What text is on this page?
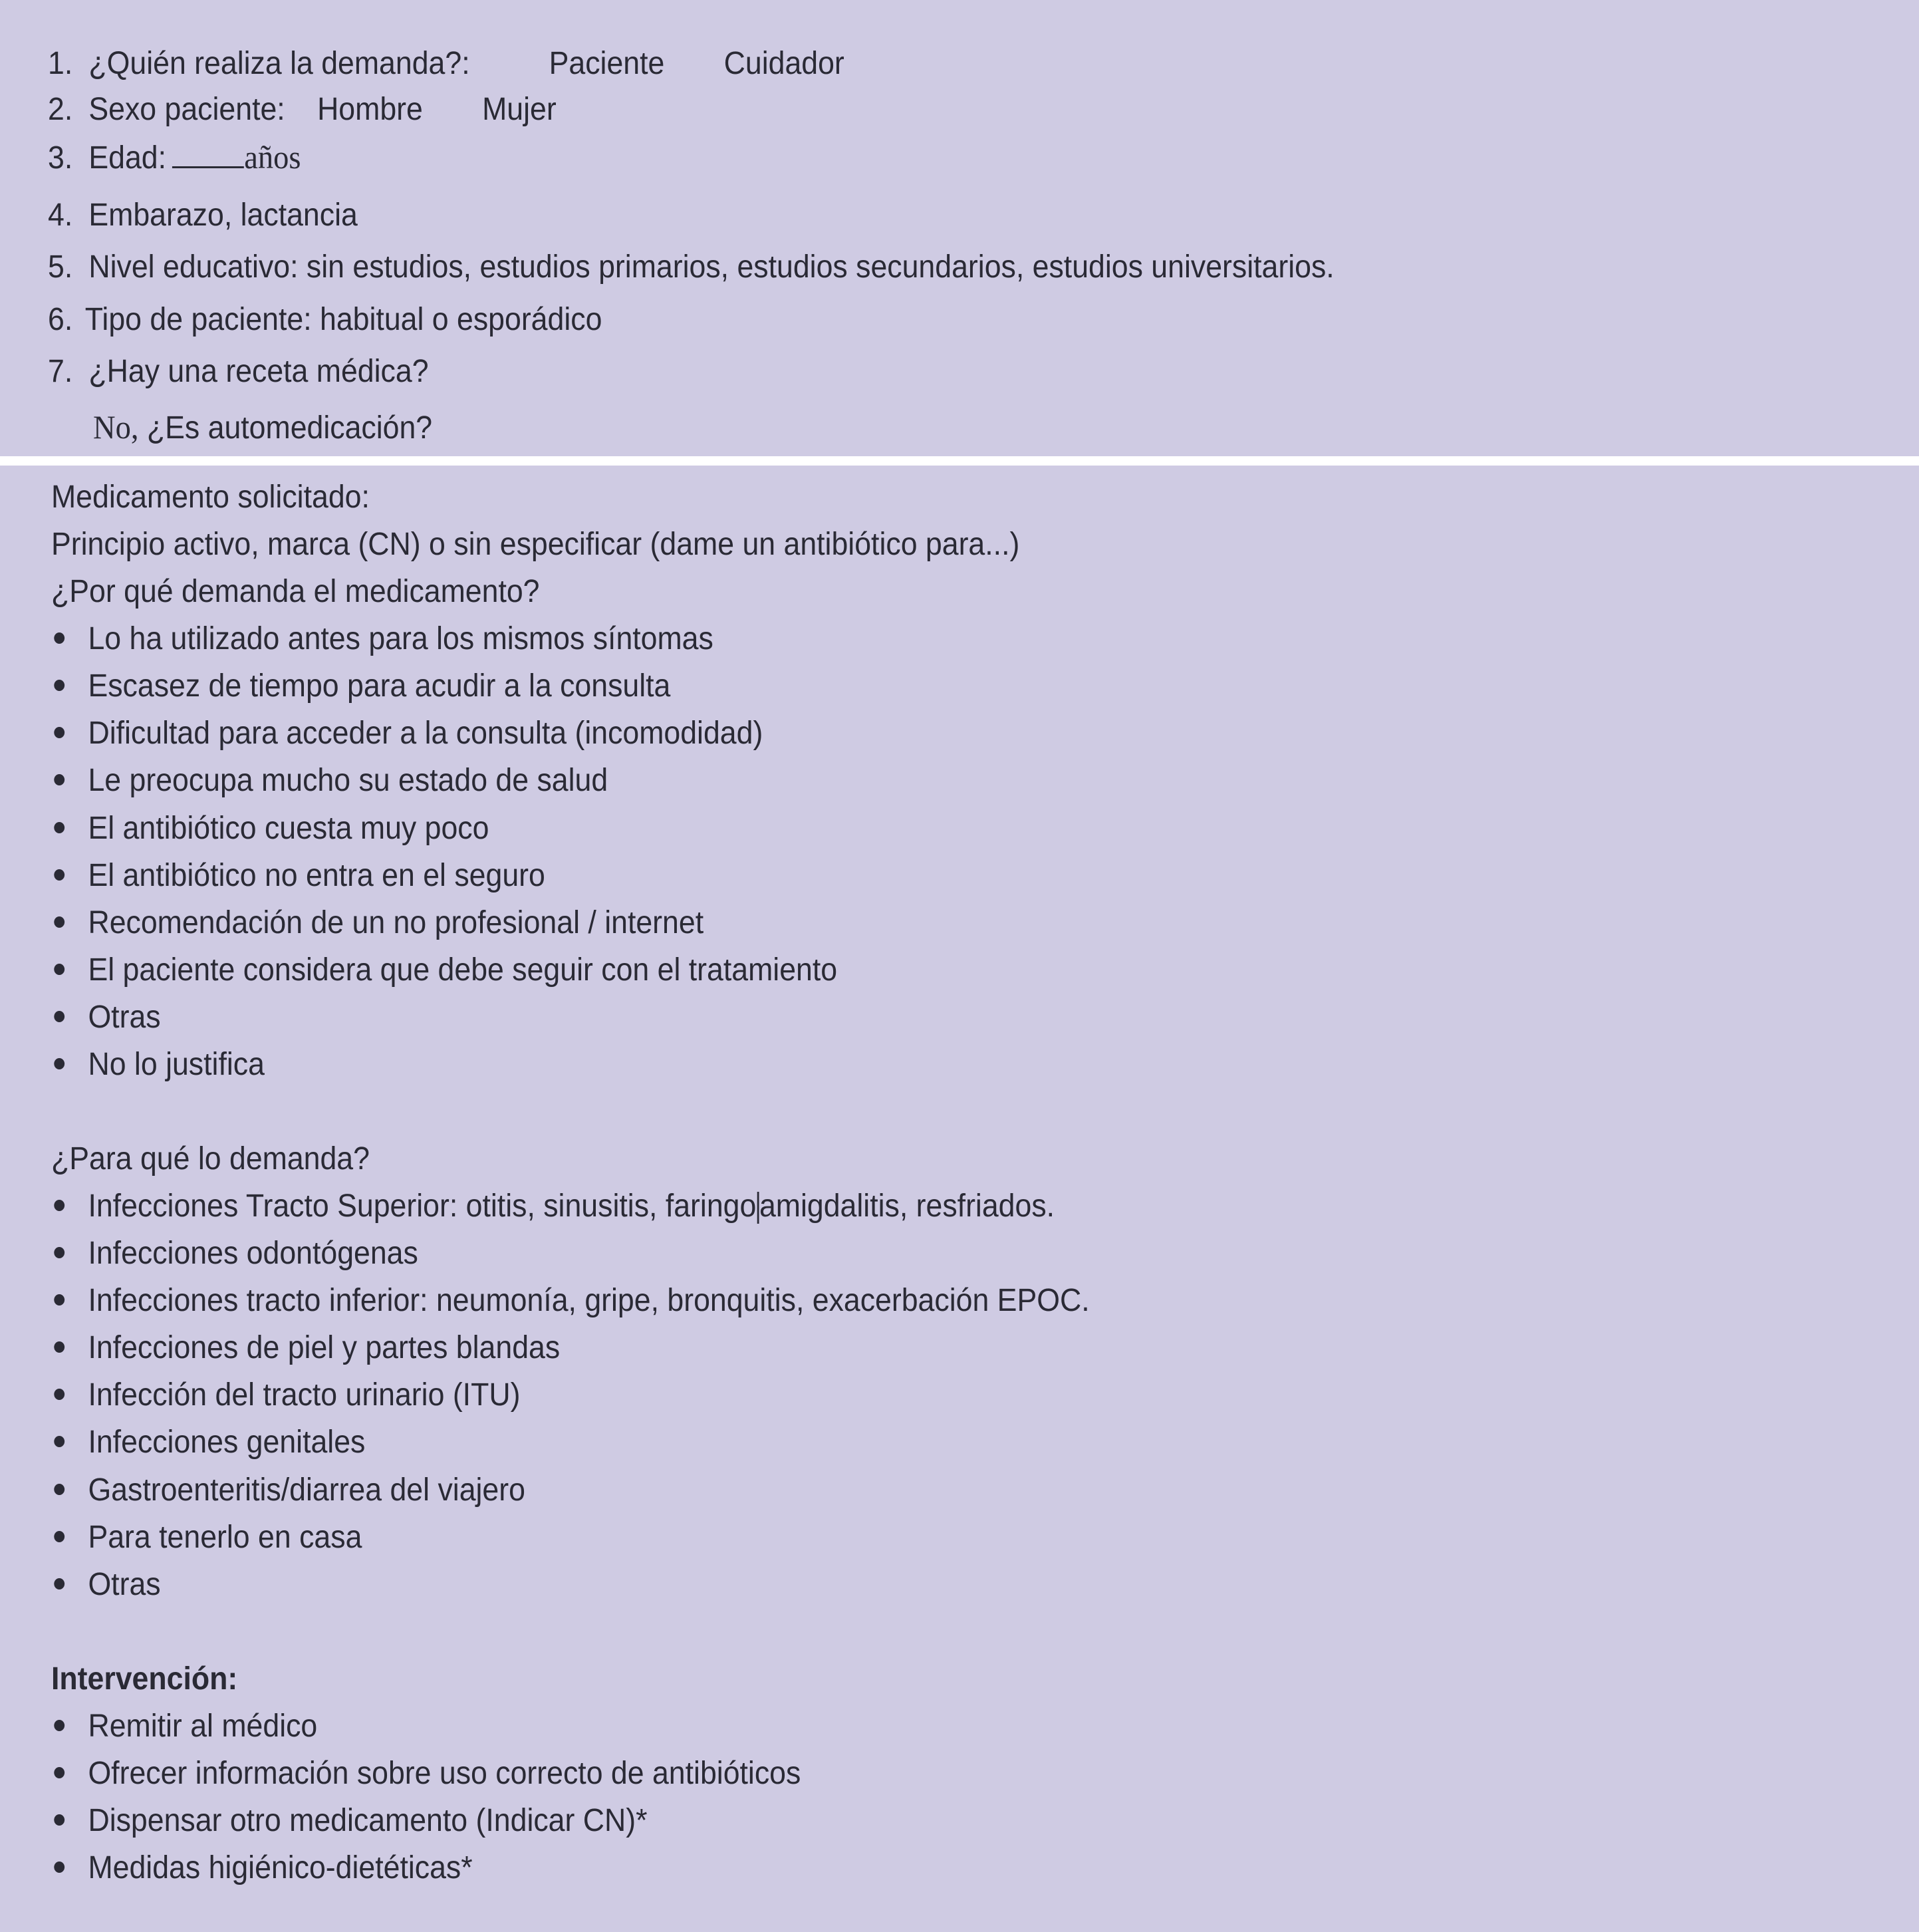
1. ¿Quién realiza la demanda?: Paciente Cuidador
2. Sexo paciente: Hombre Mujer
3. Edad: años
4. Embarazo, lactancia
5. Nivel educativo: sin estudios, estudios primarios, estudios secundarios, estudios universitarios.
6. Tipo de paciente: habitual o esporádico
7. ¿Hay una receta médica?
No, ¿Es automedicación?
Medicamento solicitado:
Principio activo, marca (CN) o sin especificar (dame un antibiótico para...)
¿Por qué demanda el medicamento?
Lo ha utilizado antes para los mismos síntomas
Escasez de tiempo para acudir a la consulta
Dificultad para acceder a la consulta (incomodidad)
Le preocupa mucho su estado de salud
El antibiótico cuesta muy poco
El antibiótico no entra en el seguro
Recomendación de un no profesional / internet
El paciente considera que debe seguir con el tratamiento
Otras
No lo justifica
¿Para qué lo demanda?
Infecciones Tracto Superior: otitis, sinusitis, faringoamigdalitis, resfriados.
Infecciones odontógenas
Infecciones tracto inferior: neumonía, gripe, bronquitis, exacerbación EPOC.
Infecciones de piel y partes blandas
Infección del tracto urinario (ITU)
Infecciones genitales
Gastroenteritis/diarrea del viajero
Para tenerlo en casa
Otras
Intervención:
Remitir al médico
Ofrecer información sobre uso correcto de antibióticos
Dispensar otro medicamento (Indicar CN)*
Medidas higiénico-dietéticas*
